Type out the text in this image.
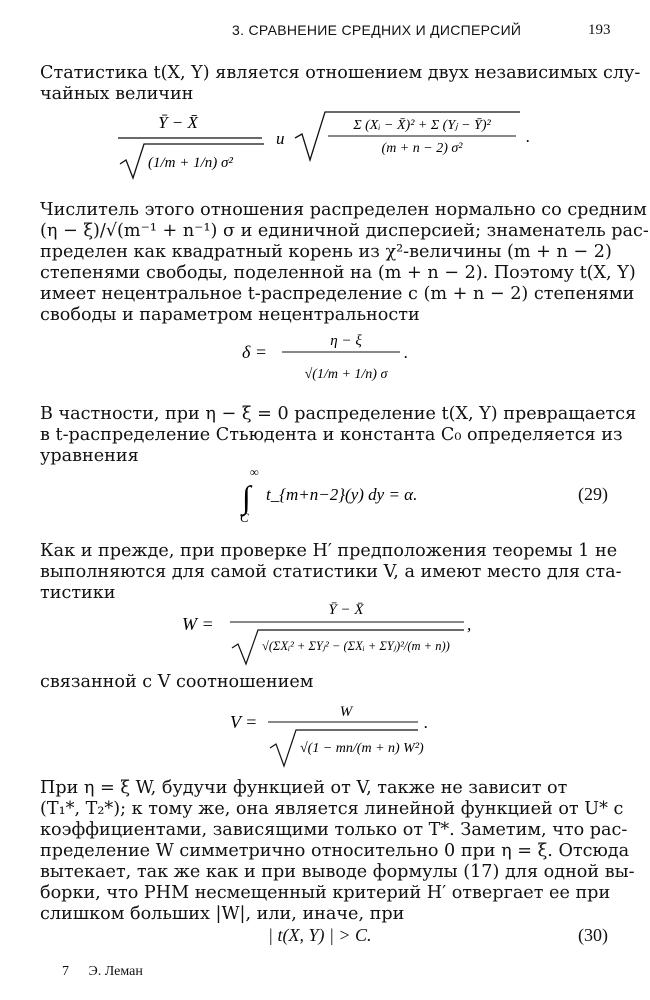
3. СРАВНЕНИЕ СРЕДНИХ И ДИСПЕРСИЙ	193
Статистика t(X, Y) является отношением двух независимых слу-
чайных величин
Ȳ − X̄
(1/m + 1/n) σ²
и
Σ (Xᵢ − X̄)² + Σ (Yⱼ − Ȳ)²
(m + n − 2) σ²
.
Числитель этого отношения распределен нормально со средним
(η − ξ)/√(m⁻¹ + n⁻¹) σ и единичной дисперсией; знаменатель рас-
пределен как квадратный корень из χ²-величины (m + n − 2)
степенями свободы, поделенной на (m + n − 2). Поэтому t(X, Y)
имеет нецентральное t-распределение с (m + n − 2) степенями
свободы и параметром нецентральности
δ =
η − ξ
√(1/m + 1/n) σ
.
В частности, при η − ξ = 0 распределение t(X, Y) превращается
в t-распределение Стьюдента и константа C₀ определяется из
уравнения
∞
∫
C
t_{m+n−2}(y) dy = α.	(29)
Как и прежде, при проверке H′ предположения теоремы 1 не
выполняются для самой статистики V, а имеют место для ста-
тистики
W =
Ȳ − X̄
√(ΣXᵢ² + ΣYⱼ² − (ΣXᵢ + ΣYⱼ)²/(m + n))
,
связанной с V соотношением
V =	W
√(1 − mn/(m + n) W²)
.
При η = ξ W, будучи функцией от V, также не зависит от
(T₁*, T₂*); к тому же, она является линейной функцией от U* с
коэффициентами, зависящими только от T*. Заметим, что рас-
пределение W симметрично относительно 0 при η = ξ. Отсюда
вытекает, так же как и при выводе формулы (17) для одной вы-
борки, что РНМ несмещенный критерий H′ отвергает ее при
слишком больших |W|, или, иначе, при
| t(X, Y) | > C.	(30)
7 Э. Леман
